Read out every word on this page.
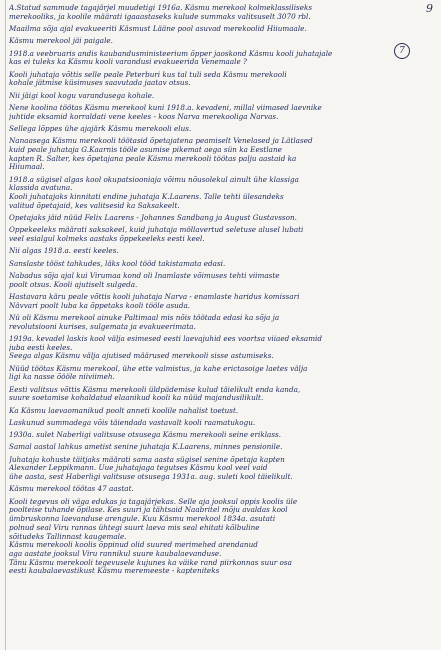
9
7
A.Statud sammude tagajärjel muudetigi 1916a. Käsmu merekool kolmeklassiliseks
merekooliks, ja koolile määrati igaaastaseks kulude summaks valitsuselt 3070 rbl.
Maailma sõja ajal evakueeriti Käsmust Lääne pool asuvad merekoolid Hiiumaale.
Käsmu merekool jäi paigale.
1918.a veebruaris andis kaubandusministeerium õpper jaoskond Käsmu kooli juhatajale
kas ei tuleks ka Käsmu kooli varandusi evakueerida Venemaale ?
Kooli juhataja võttis selle peale Peterburi kus tal tuli seda Käsmu merekooli
kohale jätmise küsimuses saavutada jaatav otsus.
Nii jäigi kool kogu varandusega kohale.
Nene koolina töötas Käsmu merekool kuni 1918.a. kevadeni, millal viimased laevnike
juhtide eksamid korraldati vene keeles - koos Narva merekooliga Narvas.
Sellega lõppes ühe ajajärk Käsmu merekooli elus.
Nanaasega Käsmu merekooli töötasid õpetajatena peamiselt Venelased ja Lätlased
kuid peale juhataja G.Kaarnis tööle asumise pikemat aega sün ka Eestlane
kapten R. Salter, kes õpetajana peale Käsmu merekooli töötas palju aastaid ka
Hiiumaal.
1918.a sügisel algas kool okupatsiooniaja võimu nõusolekul ainult ühe klassiga
klassida avatuna.
Kooli juhatajaks kinnitati endine juhataja K.Laarens. Talle tehti ülesandeks
valitud õpetajaid, kes valitsesid ka Saksakeelt.
Õpetajaks jäid nüüd Felix Laarens - Johannes Sandbang ja August Gustavsson.
Õppekeeleks määrati saksakeel, kuid juhataja möllavertud seletuse alusel lubati
veel esialgul kolmeks aastaks õppekeeleks eesti keel.
Nii algas 1918.a. eesti keeles.
Sanslaste tööst tahkudes, läks kool tööd takistamata edasi.
Nabadus sõja ajal kui Virumaa kond oli Inamlaste võimuses tehti viimaste
poolt otsus. Kooli ajutiselt sulgeda.
Hastavara käru peale võttis kooli juhataja Narva - enamlaste haridus komissari
Nävvari poolt luba ka õppetaks kooli tööle asuda.
Nü oli Käsmu merekool ainuke Paltimaal mis nõis töötada edasi ka sõja ja
revolutsiooni kurises, sulgemata ja evakueerimata.
1919a. kevadel laskis kool välja esimesed eesti laevajuhid ees voortsa viiaed eksamid
juba eesti keeles.
Seega algas Käsmu välja ajutised määrused merekooli sisse astumiseks.
Nüüd töötas Käsmu merekool, ühe ette valmistus, ja kahe erictasoige laetes välja
ligi ka nasse õööle niiviimeh.
Eesti valitsus võttis Käsmu merekooli üldpädemise kulud täielikult enda kanda,
suure soetamise kohaldatud elaanikud kooli ka nüüd majandusilikult.
Ka Käsmu laevaomanikud poolt anneti koolile nahalist toetust.
Laskunud summadega võis täiendada vastavalt kooli raamatukogu.
1930a. sulet Naberligi valitsuse otsusega Käsmu merekooli seine eriklass.
Samal aastal lahkus ametist senine juhataja K.Laarens, minnes pensionile.
Juhataja kohuste täitjaks määrati sama aasta sügisel senine õpetaja kapten
Alexander Leppikmann. Uue juhatajaga tegutses Käsmu kool veel vaid
ühe aasta, sest Haberligi valitsuse otsusega 1931a. aug. suleti kool täielikult.
Käsmu merekool töötas 47 aastat.
Kooli tegevus oli väga edukas ja tagajärjekas. Selle aja jooksul oppis koolis üle
poolteise tuhande õpilase. Kes suuri ja tähtsaid Naabritel mõju avaldas kool
ümbruskonna laevanduse arengule. Kuu Käsmu merekool 1834a. asutati
polnud seal Viru rannas ühtegi suurt laeva mis seal ehitati kõlbuline
sõitudeks Tallinnast kaugemale.
Käsmu merekooli koolis õppinud olid suured merimehed arendanud
aga aastate jooksul Viru rannikul suure kaubalaevanduse.
Tänu Käsmu merekooli tegevusele kujunes ka väike rand piirkonnas suur osa
eesti kaubalaevastikust Käsmu meremeeste - kapteniteks
